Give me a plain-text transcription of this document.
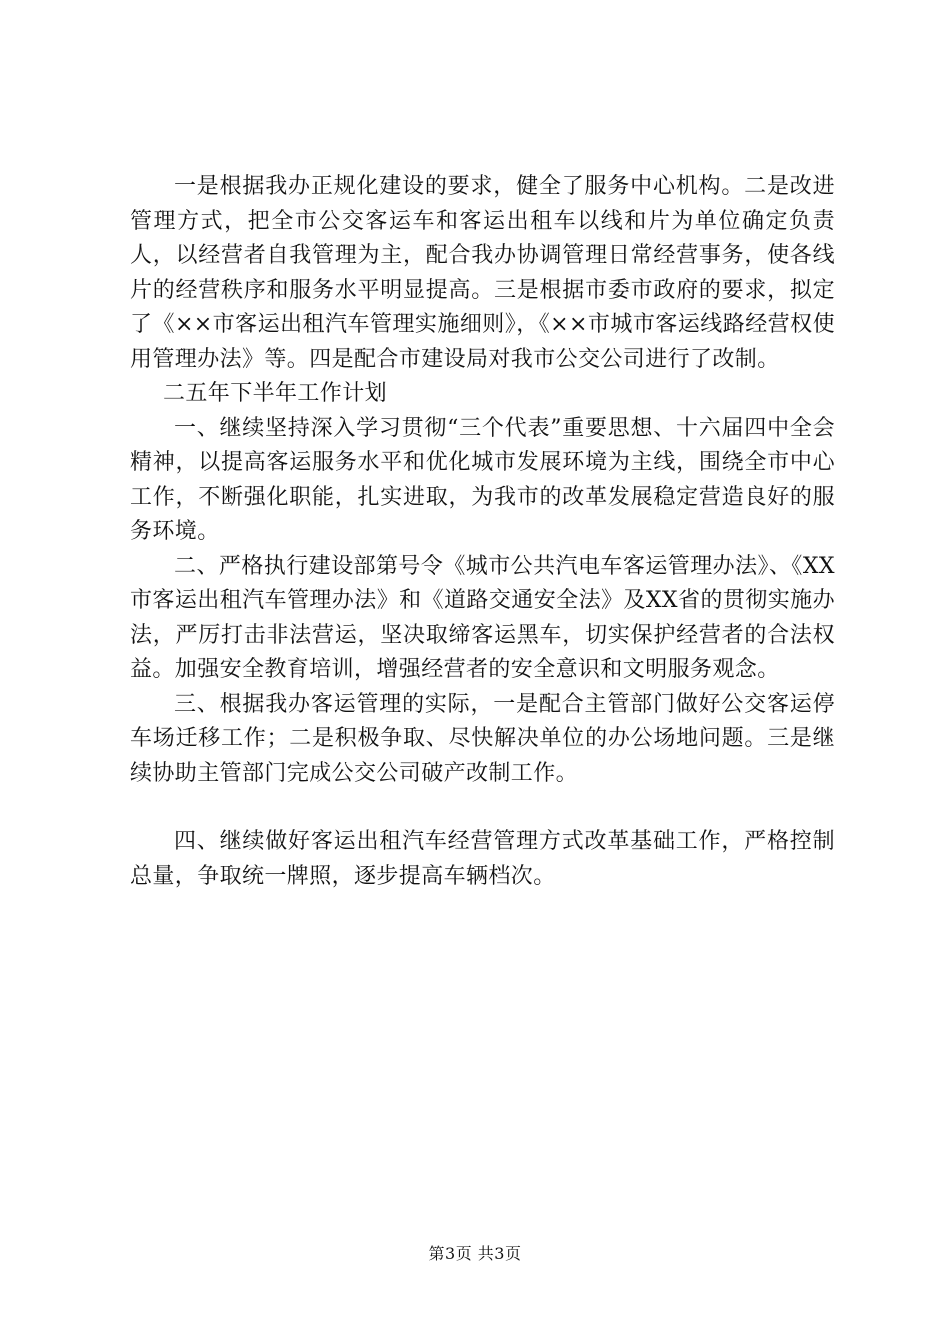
一是根据我办正规化建设的要求，健全了服务中心机构。二是改进管理方式，把全市公交客运车和客运出租车以线和片为单位确定负责人，以经营者自我管理为主，配合我办协调管理日常经营事务，使各线片的经营秩序和服务水平明显提高。三是根据市委市政府的要求，拟定了《××市客运出租汽车管理实施细则》，《××市城市客运线路经营权使用管理办法》等。四是配合市建设局对我市公交公司进行了改制。

二五年下半年工作计划

一、继续坚持深入学习贯彻“三个代表”重要思想、十六届四中全会精神，以提高客运服务水平和优化城市发展环境为主线，围绕全市中心工作，不断强化职能，扎实进取，为我市的改革发展稳定营造良好的服务环境。

二、严格执行建设部第号令《城市公共汽电车客运管理办法》、《XX市客运出租汽车管理办法》和《道路交通安全法》及XX省的贯彻实施办法，严厉打击非法营运，坚决取缔客运黑车，切实保护经营者的合法权益。加强安全教育培训，增强经营者的安全意识和文明服务观念。

三、根据我办客运管理的实际，一是配合主管部门做好公交客运停车场迁移工作；二是积极争取、尽快解决单位的办公场地问题。三是继续协助主管部门完成公交公司破产改制工作。

四、继续做好客运出租汽车经营管理方式改革基础工作，严格控制总量，争取统一牌照，逐步提高车辆档次。

第3页 共3页
